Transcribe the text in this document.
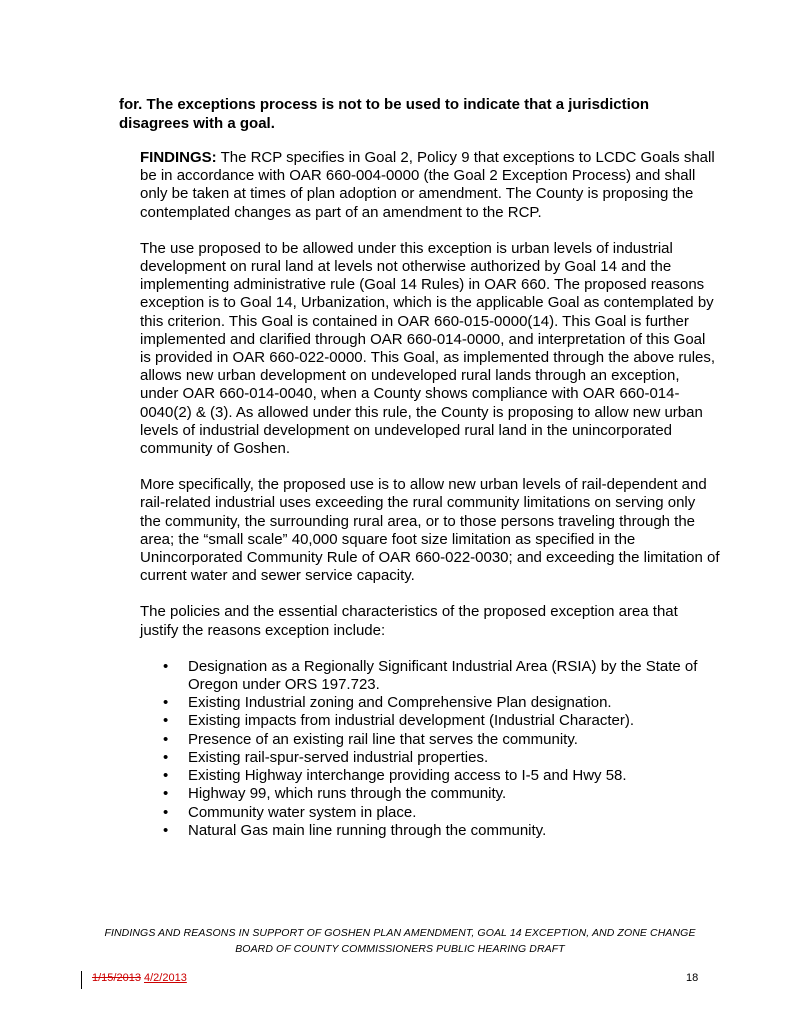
for. The exceptions process is not to be used to indicate that a jurisdiction disagrees with a goal.

FINDINGS: The RCP specifies in Goal 2, Policy 9 that exceptions to LCDC Goals shall be in accordance with OAR 660-004-0000 (the Goal 2 Exception Process) and shall only be taken at times of plan adoption or amendment. The County is proposing the contemplated changes as part of an amendment to the RCP.

The use proposed to be allowed under this exception is urban levels of industrial development on rural land at levels not otherwise authorized by Goal 14 and the implementing administrative rule (Goal 14 Rules) in OAR 660. The proposed reasons exception is to Goal 14, Urbanization, which is the applicable Goal as contemplated by this criterion. This Goal is contained in OAR 660-015-0000(14). This Goal is further implemented and clarified through OAR 660-014-0000, and interpretation of this Goal is provided in OAR 660-022-0000. This Goal, as implemented through the above rules, allows new urban development on undeveloped rural lands through an exception, under OAR 660-014-0040, when a County shows compliance with OAR 660-014-0040(2) & (3). As allowed under this rule, the County is proposing to allow new urban levels of industrial development on undeveloped rural land in the unincorporated community of Goshen.

More specifically, the proposed use is to allow new urban levels of rail-dependent and rail-related industrial uses exceeding the rural community limitations on serving only the community, the surrounding rural area, or to those persons traveling through the area; the “small scale” 40,000 square foot size limitation as specified in the Unincorporated Community Rule of OAR 660-022-0030; and exceeding the limitation of current water and sewer service capacity.

The policies and the essential characteristics of the proposed exception area that justify the reasons exception include:

• Designation as a Regionally Significant Industrial Area (RSIA) by the State of Oregon under ORS 197.723.
• Existing Industrial zoning and Comprehensive Plan designation.
• Existing impacts from industrial development (Industrial Character).
• Presence of an existing rail line that serves the community.
• Existing rail-spur-served industrial properties.
• Existing Highway interchange providing access to I-5 and Hwy 58.
• Highway 99, which runs through the community.
• Community water system in place.
• Natural Gas main line running through the community.
FINDINGS AND REASONS IN SUPPORT OF GOSHEN PLAN AMENDMENT, GOAL 14 EXCEPTION, AND ZONE CHANGE
BOARD OF COUNTY COMMISSIONERS PUBLIC HEARING DRAFT
1/15/2013 4/2/2013	18
